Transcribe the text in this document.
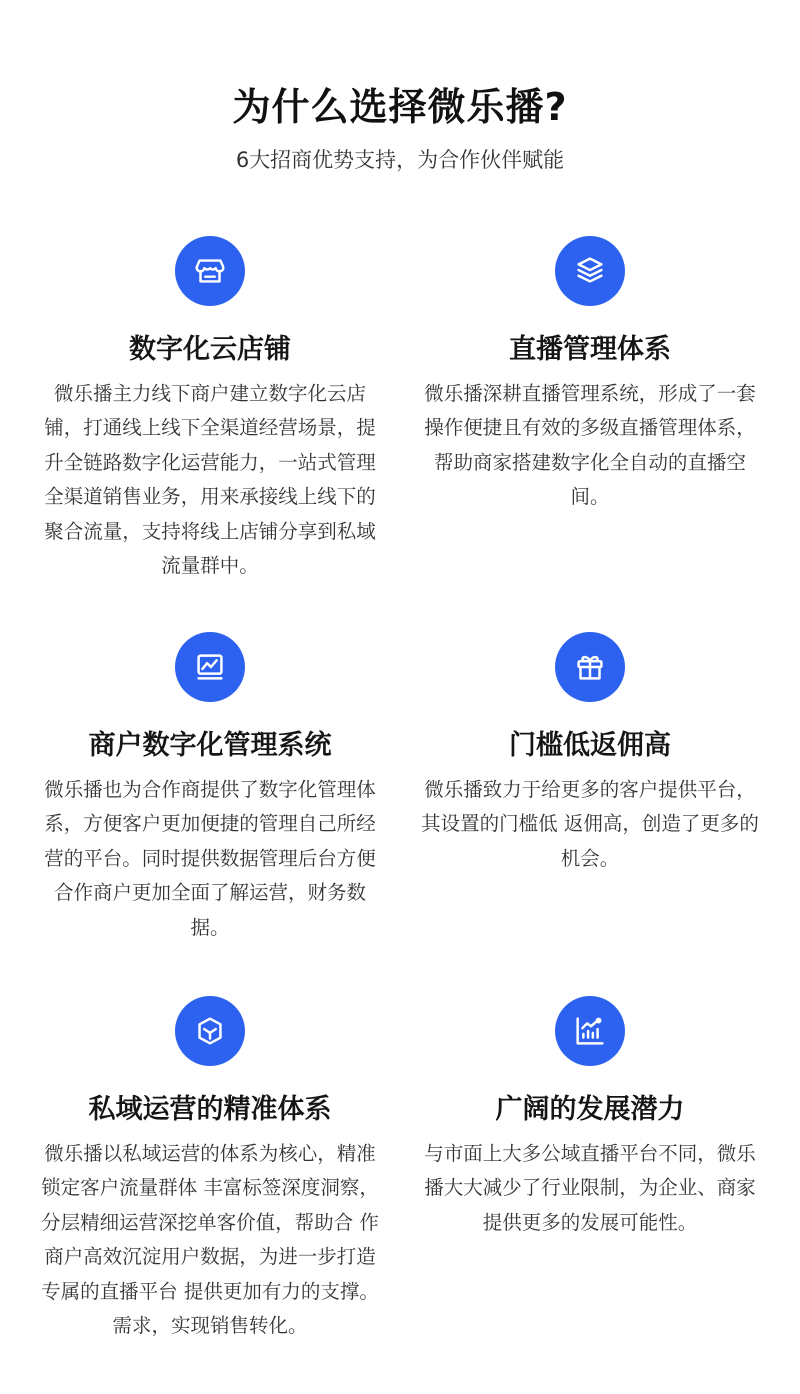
为什么选择微乐播?
6大招商优势支持，为合作伙伴赋能
数字化云店铺
微乐播主力线下商户建立数字化云店铺，打通线上线下全渠道经营场景，提升全链路数字化运营能力，一站式管理全渠道销售业务，用来承接线上线下的聚合流量，支持将线上店铺分享到私域流量群中。
直播管理体系
微乐播深耕直播管理系统，形成了一套操作便捷且有效的多级直播管理体系，帮助商家搭建数字化全自动的直播空间。
商户数字化管理系统
微乐播也为合作商提供了数字化管理体系，方便客户更加便捷的管理自己所经营的平台。同时提供数据管理后台方便合作商户更加全面了解运营，财务数据。
门槛低返佣高
微乐播致力于给更多的客户提供平台，其设置的门槛低 返佣高，创造了更多的机会。
私域运营的精准体系
微乐播以私域运营的体系为核心，精准锁定客户流量群体 丰富标签深度洞察，分层精细运营深挖单客价值，帮助合 作商户高效沉淀用户数据，为进一步打造专属的直播平台 提供更加有力的支撑。需求，实现销售转化。
广阔的发展潜力
与市面上大多公域直播平台不同，微乐播大大减少了行业限制，为企业、商家提供更多的发展可能性。
